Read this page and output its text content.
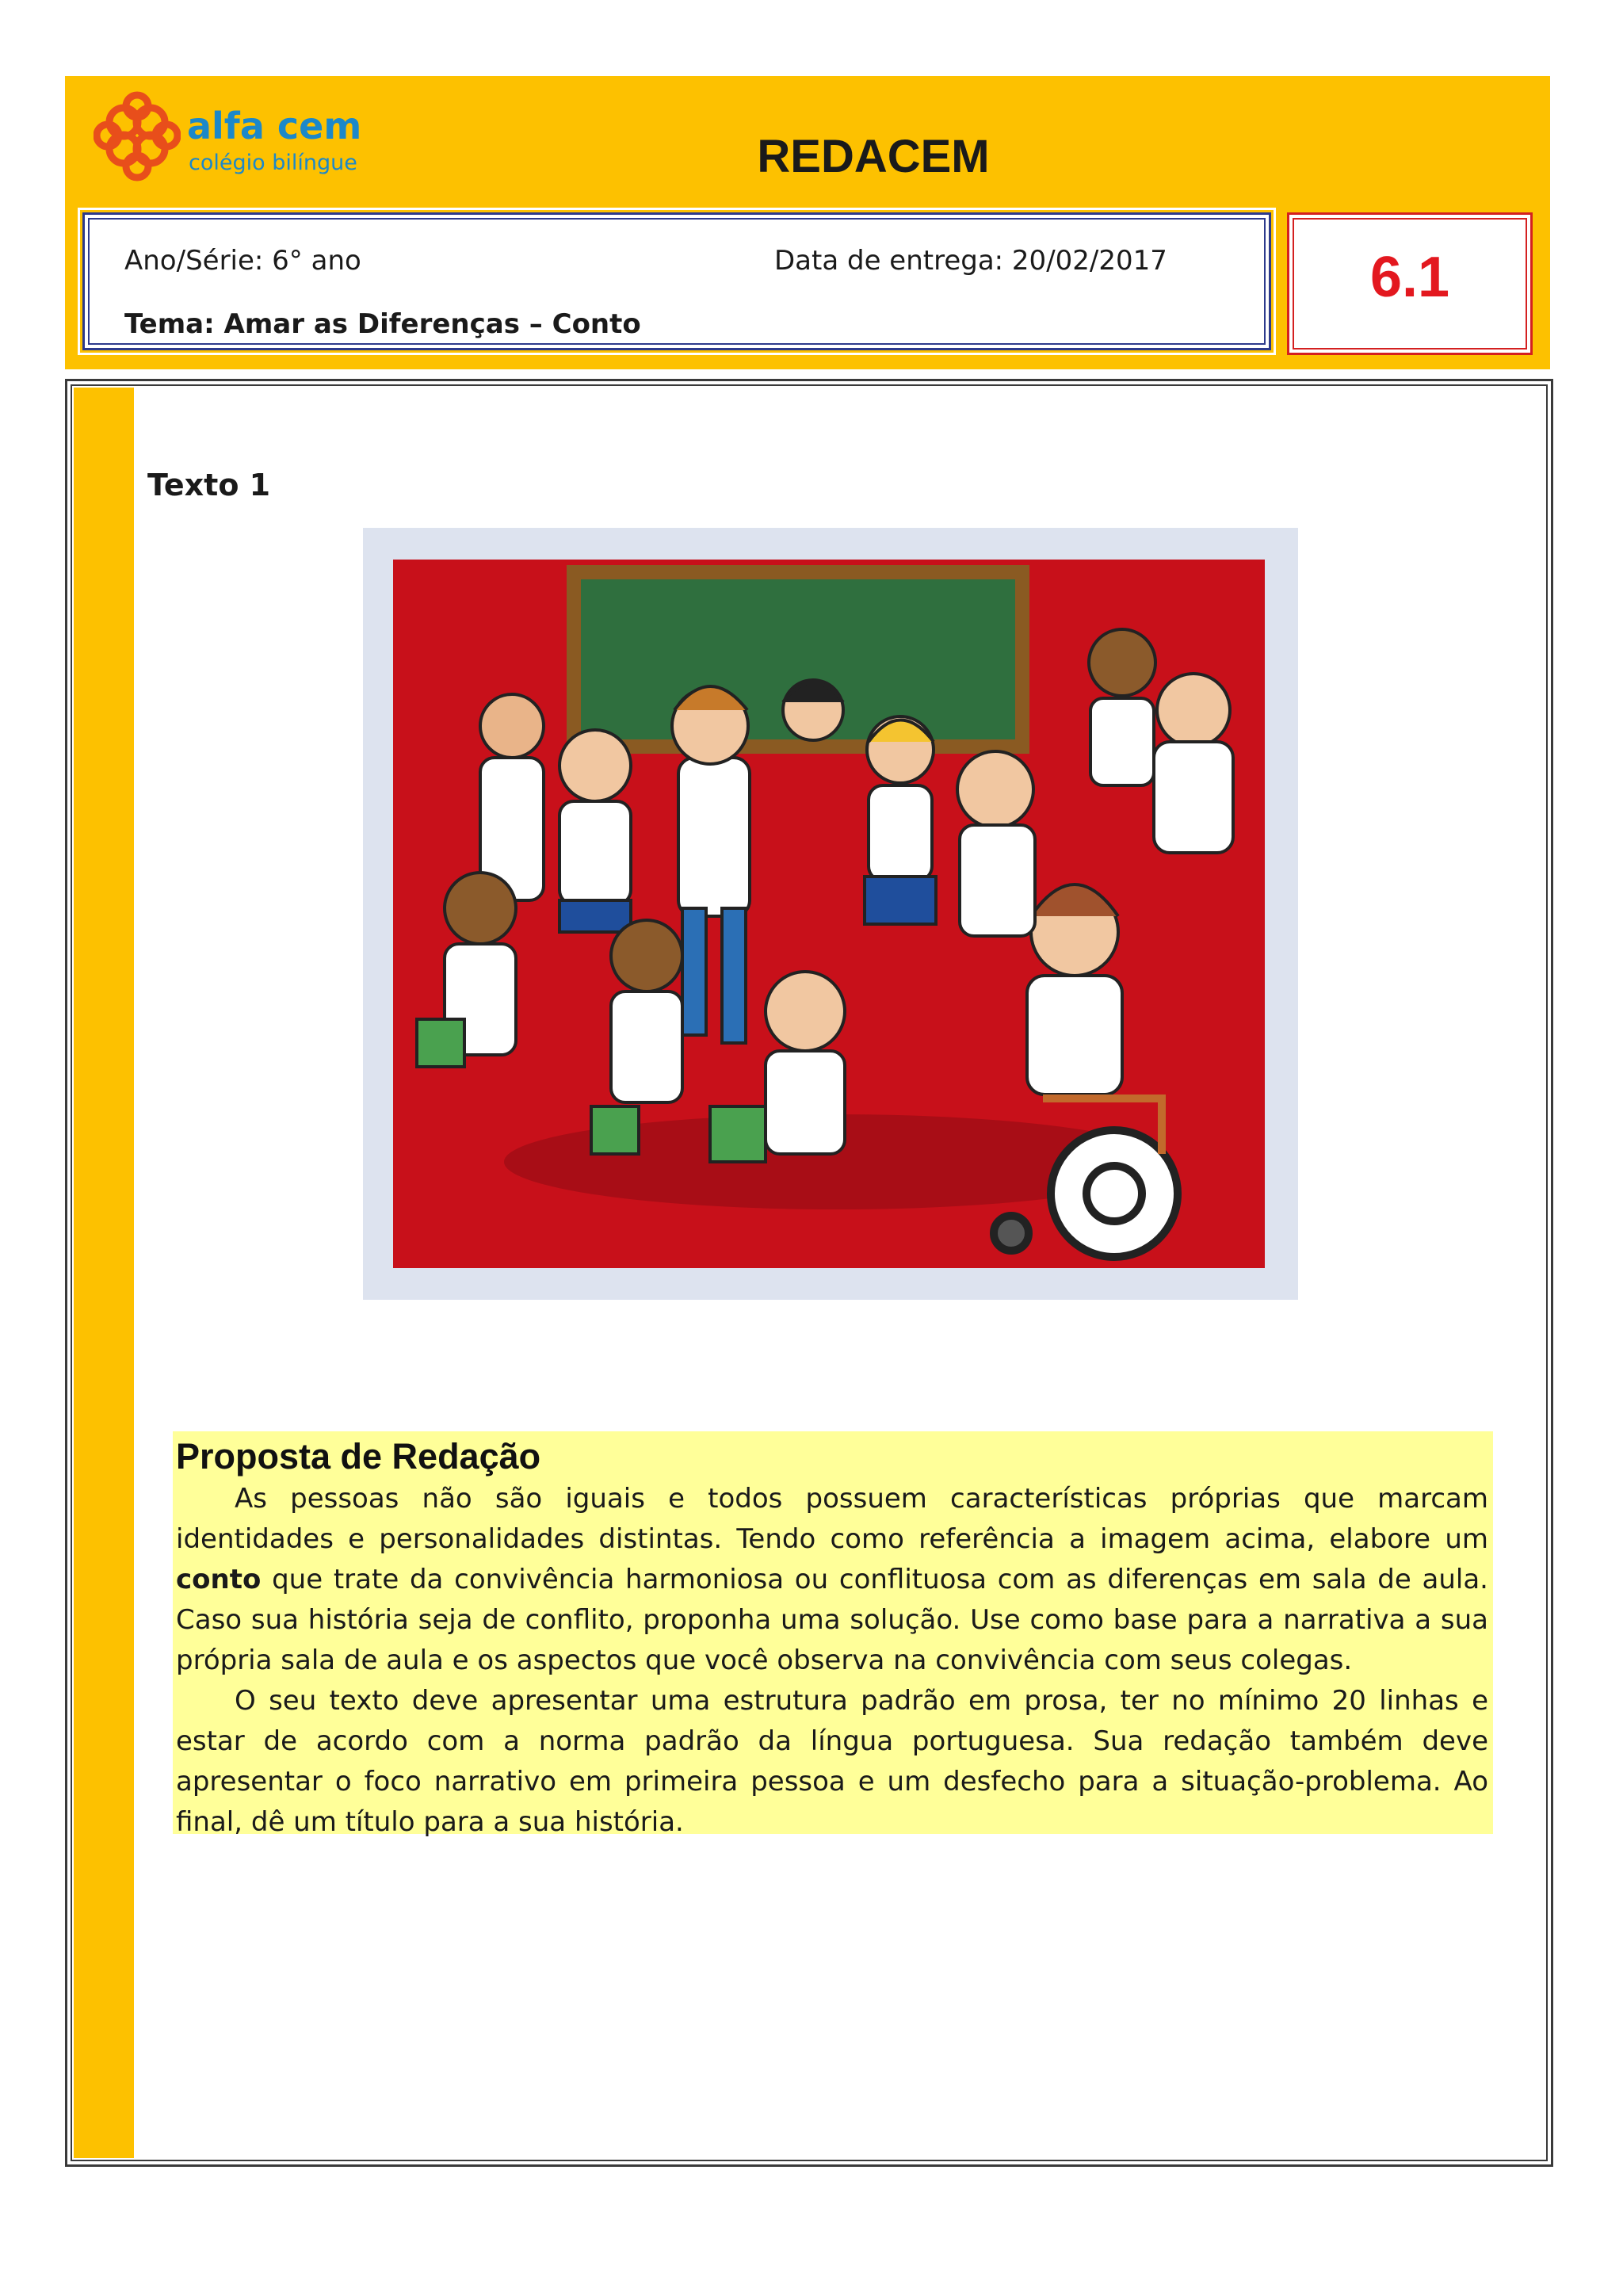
alfa cem
colégio bilíngue	REDACEM
Ano/Série: 6° ano	Data de entrega: 20/02/2017
Tema: Amar as Diferenças – Conto
6.1
Texto 1
Proposta de Redação

As pessoas não são iguais e todos possuem características próprias que marcam identidades e personalidades distintas. Tendo como referência a imagem acima, elabore um conto que trate da convivência harmoniosa ou conflituosa com as diferenças em sala de aula. Caso sua história seja de conflito, proponha uma solução. Use como base para a narrativa a sua própria sala de aula e os aspectos que você observa na convivência com seus colegas.

O seu texto deve apresentar uma estrutura padrão em prosa, ter no mínimo 20 linhas e estar de acordo com a norma padrão da língua portuguesa. Sua redação também deve apresentar o foco narrativo em primeira pessoa e um desfecho para a situação-problema. Ao final, dê um título para a sua história.
